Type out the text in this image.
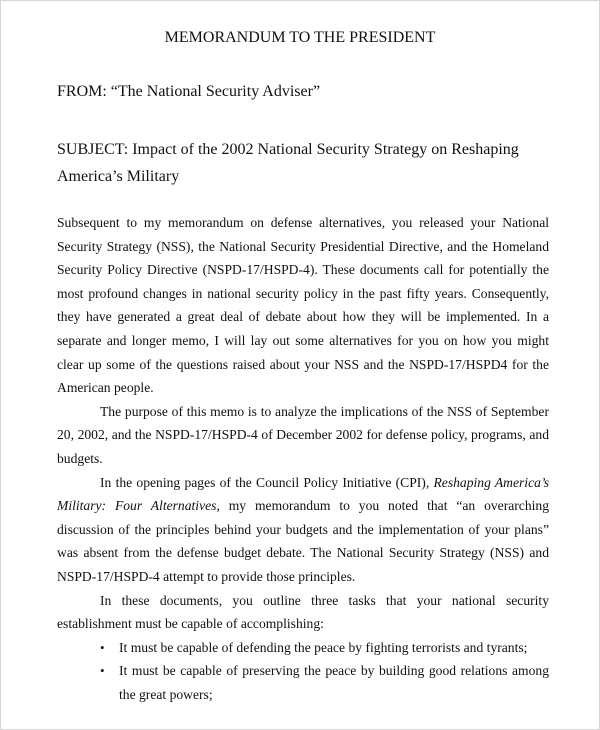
MEMORANDUM TO THE PRESIDENT
FROM: “The National Security Adviser”
SUBJECT: Impact of the 2002 National Security Strategy on Reshaping
America’s Military

Subsequent to my memorandum on defense alternatives, you released your National Security Strategy (NSS), the National Security Presidential Directive, and the Homeland Security Policy Directive (NSPD-17/HSPD-4). These documents call for potentially the most profound changes in national security policy in the past fifty years. Consequently, they have generated a great deal of debate about how they will be implemented. In a separate and longer memo, I will lay out some alternatives for you on how you might clear up some of the questions raised about your NSS and the NSPD-17/HSPD4 for the American people.

The purpose of this memo is to analyze the implications of the NSS of September 20, 2002, and the NSPD-17/HSPD-4 of December 2002 for defense policy, programs, and budgets.

In the opening pages of the Council Policy Initiative (CPI), Reshaping America’s Military: Four Alternatives, my memorandum to you noted that “an overarching discussion of the principles behind your budgets and the implementation of your plans” was absent from the defense budget debate. The National Security Strategy (NSS) and NSPD-17/HSPD-4 attempt to provide those principles.

In these documents, you outline three tasks that your national security establishment must be capable of accomplishing:

• It must be capable of defending the peace by fighting terrorists and tyrants;
• It must be capable of preserving the peace by building good relations among the great powers;
